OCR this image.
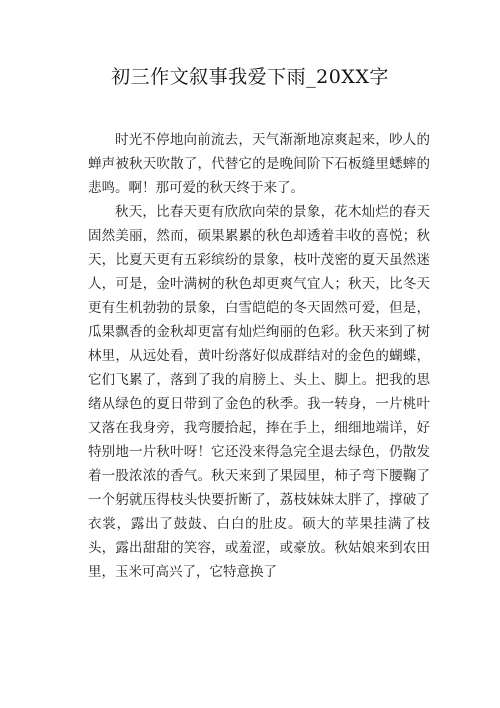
初三作文叙事我爱下雨_20XX字

时光不停地向前流去，天气渐渐地凉爽起来，吵人的蝉声被秋天吹散了，代替它的是晚间阶下石板缝里蟋蟀的悲鸣。啊！那可爱的秋天终于来了。

秋天，比春天更有欣欣向荣的景象，花木灿烂的春天固然美丽，然而，硕果累累的秋色却透着丰收的喜悦；秋天，比夏天更有五彩缤纷的景象，枝叶茂密的夏天虽然迷人，可是，金叶满树的秋色却更爽气宜人；秋天，比冬天更有生机勃勃的景象，白雪皑皑的冬天固然可爱，但是，瓜果飘香的金秋却更富有灿烂绚丽的色彩。秋天来到了树林里，从远处看，黄叶纷落好似成群结对的金色的蝴蝶，它们飞累了，落到了我的肩膀上、头上、脚上。把我的思绪从绿色的夏日带到了金色的秋季。我一转身，一片桃叶又落在我身旁，我弯腰拾起，捧在手上，细细地端详，好特别地一片秋叶呀！它还没来得急完全退去绿色，仍散发着一股浓浓的香气。秋天来到了果园里，柿子弯下腰鞠了一个躬就压得枝头快要折断了，荔枝妹妹太胖了，撑破了衣裳，露出了鼓鼓、白白的肚皮。硕大的苹果挂满了枝头，露出甜甜的笑容，或羞涩，或豪放。秋姑娘来到农田里，玉米可高兴了，它特意换了
